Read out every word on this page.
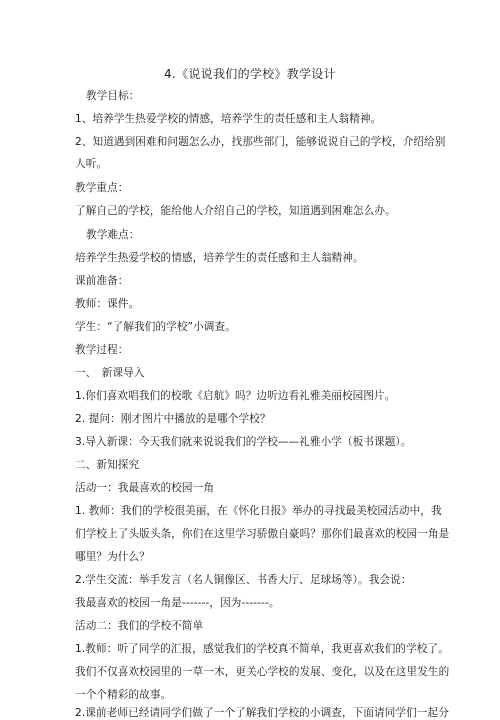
4.《说说我们的学校》教学设计
教学目标：
1、培养学生热爱学校的情感，培养学生的责任感和主人翁精神。
2、知道遇到困难和问题怎么办，找那些部门，能够说说自己的学校，介绍给别
人听。
教学重点：
了解自己的学校，能给他人介绍自己的学校，知道遇到困难怎么办。
教学难点：
培养学生热爱学校的情感，培养学生的责任感和主人翁精神。
课前准备：
教师：课件。
学生：“了解我们的学校”小调查。
教学过程：
一、　新课导入
1.你们喜欢唱我们的校歌《启航》吗？边听边看礼雅美丽校园图片。
2. 提问：刚才图片中播放的是哪个学校？
3.导入新课：今天我们就来说说我们的学校——礼雅小学（板书课题）。
二、新知探究
活动一：我最喜欢的校园一角
1. 教师：我们的学校很美丽，在《怀化日报》举办的寻找最美校园活动中，我
们学校上了头版头条，你们在这里学习骄傲自豪吗？那你们最喜欢的校园一角是
哪里？为什么？
2.学生交流：举手发言（名人铜像区、书香大厅、足球场等）。我会说：
我最喜欢的校园一角是-------，因为-------。
活动二：我们的学校不简单
1.教师：听了同学的汇报，感觉我们的学校真不简单，我更喜欢我们的学校了。
我们不仅喜欢校园里的一草一木，更关心学校的发展、变化，以及在这里发生的
一个个精彩的故事。
2.课前老师已经请同学们做了一个了解我们学校的小调查，下面请同学们一起分
